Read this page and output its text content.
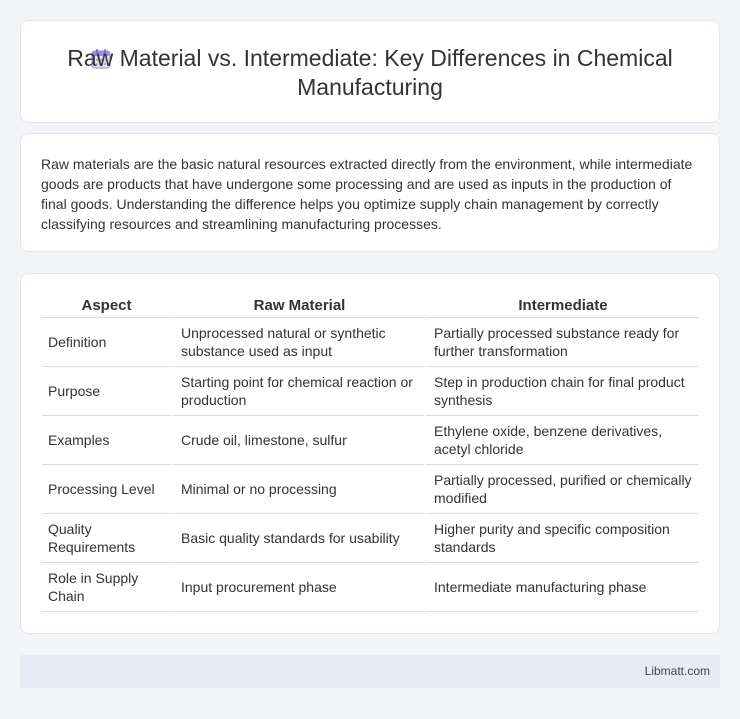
Raw Material vs. Intermediate: Key Differences in Chemical Manufacturing

Raw materials are the basic natural resources extracted directly from the environment, while intermediate goods are products that have undergone some processing and are used as inputs in the production of final goods. Understanding the difference helps you optimize supply chain management by correctly classifying resources and streamlining manufacturing processes.

Aspect	Raw Material	Intermediate
Definition	Unprocessed natural or synthetic substance used as input	Partially processed substance ready for further transformation
Purpose	Starting point for chemical reaction or production	Step in production chain for final product synthesis
Examples	Crude oil, limestone, sulfur	Ethylene oxide, benzene derivatives, acetyl chloride
Processing Level	Minimal or no processing	Partially processed, purified or chemically modified
Quality Requirements	Basic quality standards for usability	Higher purity and specific composition standards
Role in Supply Chain	Input procurement phase	Intermediate manufacturing phase
Libmatt.com
